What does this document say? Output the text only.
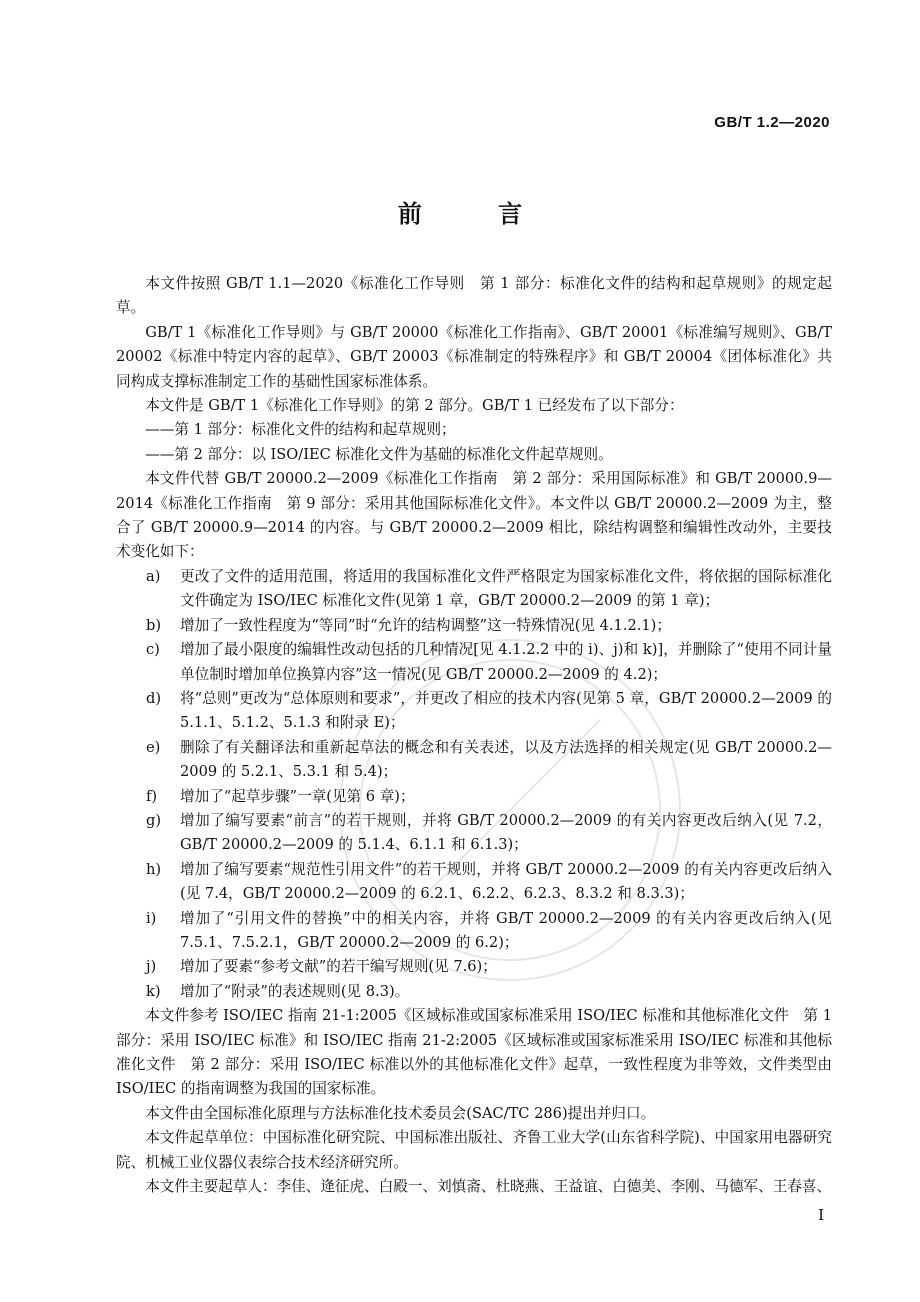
GB/T 1.2—2020
前 言

本文件按照 GB/T 1.1—2020《标准化工作导则　第 1 部分：标准化文件的结构和起草规则》的规定起草。

GB/T 1《标准化工作导则》与 GB/T 20000《标准化工作指南》、GB/T 20001《标准编写规则》、GB/T 20002《标准中特定内容的起草》、GB/T 20003《标准制定的特殊程序》和 GB/T 20004《团体标准化》共同构成支撑标准制定工作的基础性国家标准体系。

本文件是 GB/T 1《标准化工作导则》的第 2 部分。GB/T 1 已经发布了以下部分：

——第 1 部分：标准化文件的结构和起草规则；

——第 2 部分：以 ISO/IEC 标准化文件为基础的标准化文件起草规则。

本文件代替 GB/T 20000.2—2009《标准化工作指南　第 2 部分：采用国际标准》和 GB/T 20000.9—2014《标准化工作指南　第 9 部分：采用其他国际标准化文件》。本文件以 GB/T 20000.2—2009 为主，整合了 GB/T 20000.9—2014 的内容。与 GB/T 20000.2—2009 相比，除结构调整和编辑性改动外，主要技术变化如下：

a) 更改了文件的适用范围，将适用的我国标准化文件严格限定为国家标准化文件，将依据的国际标准化文件确定为 ISO/IEC 标准化文件(见第 1 章，GB/T 20000.2—2009 的第 1 章)；
b) 增加了一致性程度为“等同”时“允许的结构调整”这一特殊情况(见 4.1.2.1)；
c) 增加了最小限度的编辑性改动包括的几种情况[见 4.1.2.2 中的 i)、j)和 k)]，并删除了“使用不同计量单位制时增加单位换算内容”这一情况(见 GB/T 20000.2—2009 的 4.2)；
d) 将“总则”更改为“总体原则和要求”，并更改了相应的技术内容(见第 5 章，GB/T 20000.2—2009 的 5.1.1、5.1.2、5.1.3 和附录 E)；
e) 删除了有关翻译法和重新起草法的概念和有关表述，以及方法选择的相关规定(见 GB/T 20000.2—2009 的 5.2.1、5.3.1 和 5.4)；
f) 增加了“起草步骤”一章(见第 6 章)；
g) 增加了编写要素“前言”的若干规则，并将 GB/T 20000.2—2009 的有关内容更改后纳入(见 7.2，GB/T 20000.2—2009 的 5.1.4、6.1.1 和 6.1.3)；
h) 增加了编写要素“规范性引用文件”的若干规则，并将 GB/T 20000.2—2009 的有关内容更改后纳入(见 7.4，GB/T 20000.2—2009 的 6.2.1、6.2.2、6.2.3、8.3.2 和 8.3.3)；
i) 增加了“引用文件的替换”中的相关内容，并将 GB/T 20000.2—2009 的有关内容更改后纳入(见 7.5.1、7.5.2.1，GB/T 20000.2—2009 的 6.2)；
j) 增加了要素“参考文献”的若干编写规则(见 7.6)；
k) 增加了“附录”的表述规则(见 8.3)。

本文件参考 ISO/IEC 指南 21-1:2005《区域标准或国家标准采用 ISO/IEC 标准和其他标准化文件　第 1 部分：采用 ISO/IEC 标准》和 ISO/IEC 指南 21-2:2005《区域标准或国家标准采用 ISO/IEC 标准和其他标准化文件　第 2 部分：采用 ISO/IEC 标准以外的其他标准化文件》起草，一致性程度为非等效，文件类型由 ISO/IEC 的指南调整为我国的国家标准。

本文件由全国标准化原理与方法标准化技术委员会(SAC/TC 286)提出并归口。

本文件起草单位：中国标准化研究院、中国标准出版社、齐鲁工业大学(山东省科学院)、中国家用电器研究院、机械工业仪器仪表综合技术经济研究所。

本文件主要起草人：李佳、逄征虎、白殿一、刘慎斋、杜晓燕、王益谊、白德美、李刚、马德军、王春喜、

I
